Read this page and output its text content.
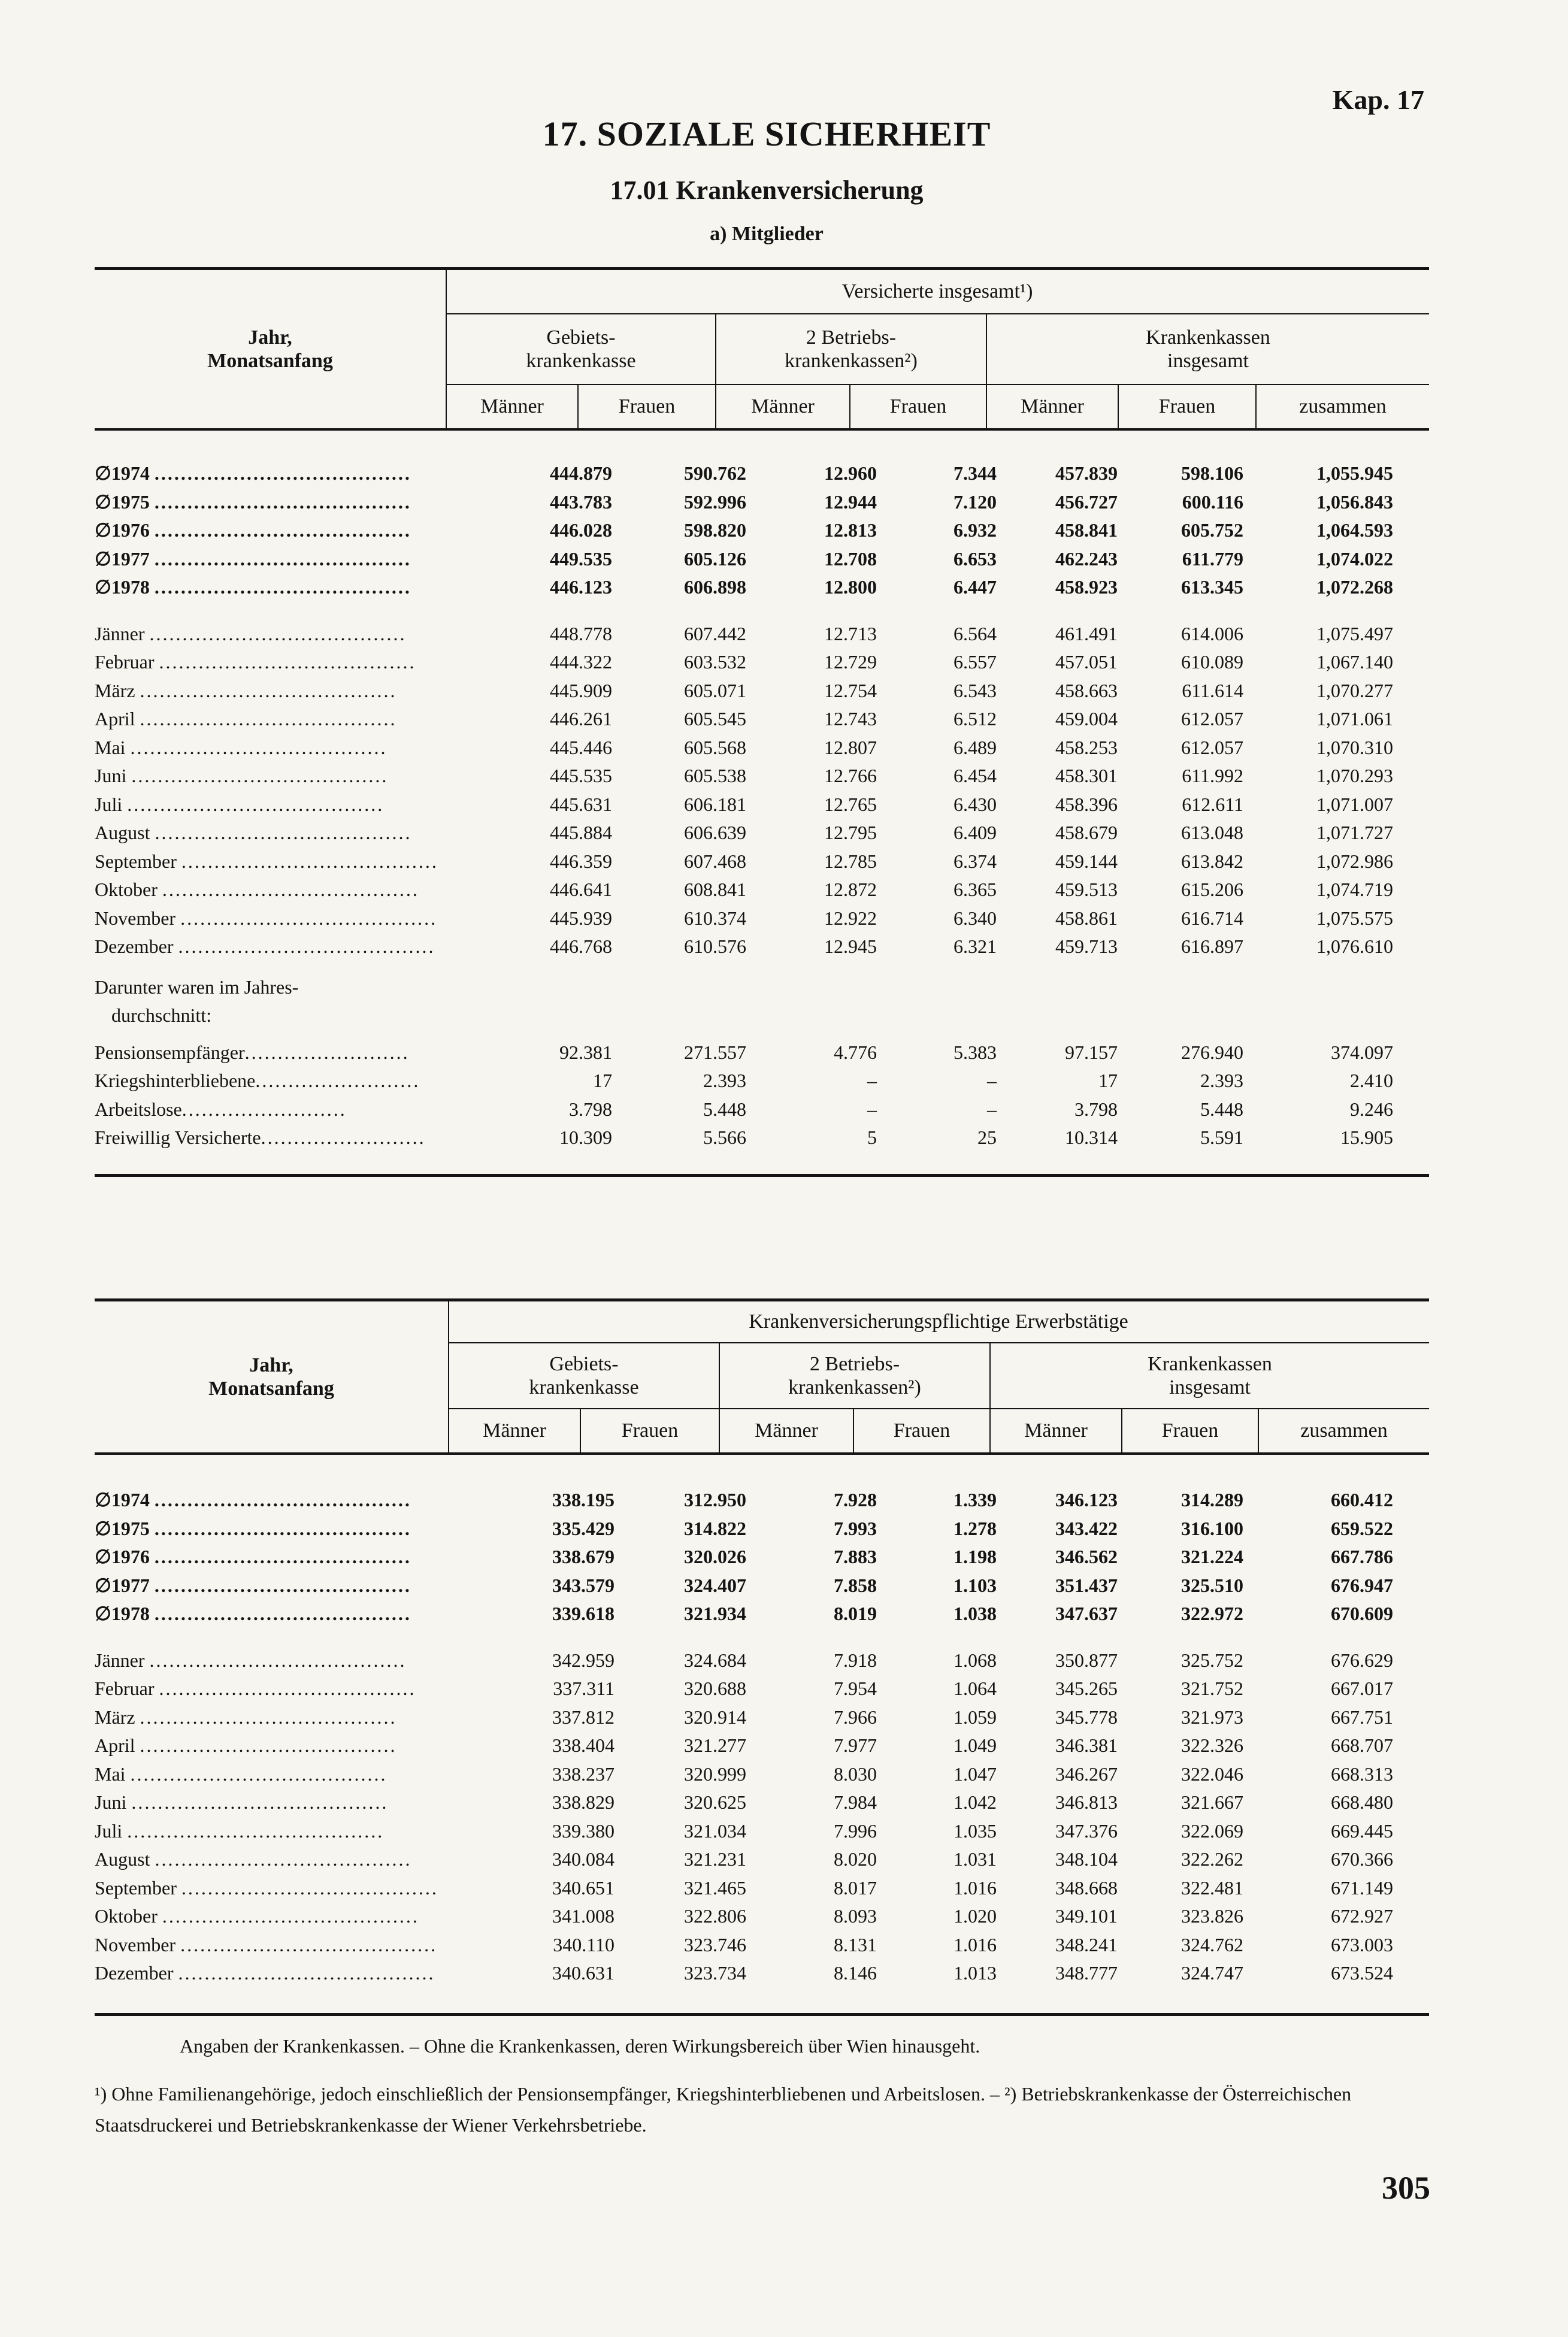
Kap. 17
17. SOZIALE SICHERHEIT
17.01 Krankenversicherung
a) Mitglieder
Jahr,
Monatsanfang
Versicherte insgesamt¹)
Gebiets-
krankenkasse
2 Betriebs-
krankenkassen²)
Krankenkassen
insgesamt
Männer	Frauen	Männer	Frauen	Männer	Frauen	zusammen
∅1974 .......................................	444.879	590.762	12.960	7.344	457.839	598.106	1,055.945
∅1975 .......................................	443.783	592.996	12.944	7.120	456.727	600.116	1,056.843
∅1976 .......................................	446.028	598.820	12.813	6.932	458.841	605.752	1,064.593
∅1977 .......................................	449.535	605.126	12.708	6.653	462.243	611.779	1,074.022
∅1978 .......................................	446.123	606.898	12.800	6.447	458.923	613.345	1,072.268
Jänner .......................................	448.778	607.442	12.713	6.564	461.491	614.006	1,075.497
Februar .......................................	444.322	603.532	12.729	6.557	457.051	610.089	1,067.140
März .......................................	445.909	605.071	12.754	6.543	458.663	611.614	1,070.277
April .......................................	446.261	605.545	12.743	6.512	459.004	612.057	1,071.061
Mai .......................................	445.446	605.568	12.807	6.489	458.253	612.057	1,070.310
Juni .......................................	445.535	605.538	12.766	6.454	458.301	611.992	1,070.293
Juli .......................................	445.631	606.181	12.765	6.430	458.396	612.611	1,071.007
August .......................................	445.884	606.639	12.795	6.409	458.679	613.048	1,071.727
September .......................................	446.359	607.468	12.785	6.374	459.144	613.842	1,072.986
Oktober .......................................	446.641	608.841	12.872	6.365	459.513	615.206	1,074.719
November .......................................	445.939	610.374	12.922	6.340	458.861	616.714	1,075.575
Dezember .......................................	446.768	610.576	12.945	6.321	459.713	616.897	1,076.610
Darunter waren im Jahres-
durchschnitt:
Pensionsempfänger.........................	92.381	271.557	4.776	5.383	97.157	276.940	374.097
Kriegshinterbliebene.........................	17	2.393	–	–	17	2.393	2.410
Arbeitslose.........................	3.798	5.448	–	–	3.798	5.448	9.246
Freiwillig Versicherte.........................	10.309	5.566	5	25	10.314	5.591	15.905
Jahr,
Monatsanfang
Krankenversicherungspflichtige Erwerbstätige
Gebiets-
krankenkasse
2 Betriebs-
krankenkassen²)
Krankenkassen
insgesamt
Männer	Frauen	Männer	Frauen	Männer	Frauen	zusammen
∅1974 .......................................	338.195	312.950	7.928	1.339	346.123	314.289	660.412
∅1975 .......................................	335.429	314.822	7.993	1.278	343.422	316.100	659.522
∅1976 .......................................	338.679	320.026	7.883	1.198	346.562	321.224	667.786
∅1977 .......................................	343.579	324.407	7.858	1.103	351.437	325.510	676.947
∅1978 .......................................	339.618	321.934	8.019	1.038	347.637	322.972	670.609
Jänner .......................................	342.959	324.684	7.918	1.068	350.877	325.752	676.629
Februar .......................................	337.311	320.688	7.954	1.064	345.265	321.752	667.017
März .......................................	337.812	320.914	7.966	1.059	345.778	321.973	667.751
April .......................................	338.404	321.277	7.977	1.049	346.381	322.326	668.707
Mai .......................................	338.237	320.999	8.030	1.047	346.267	322.046	668.313
Juni .......................................	338.829	320.625	7.984	1.042	346.813	321.667	668.480
Juli .......................................	339.380	321.034	7.996	1.035	347.376	322.069	669.445
August .......................................	340.084	321.231	8.020	1.031	348.104	322.262	670.366
September .......................................	340.651	321.465	8.017	1.016	348.668	322.481	671.149
Oktober .......................................	341.008	322.806	8.093	1.020	349.101	323.826	672.927
November .......................................	340.110	323.746	8.131	1.016	348.241	324.762	673.003
Dezember .......................................	340.631	323.734	8.146	1.013	348.777	324.747	673.524
Angaben der Krankenkassen. – Ohne die Krankenkassen, deren Wirkungsbereich über Wien hinausgeht.
¹) Ohne Familienangehörige, jedoch einschließlich der Pensionsempfänger, Kriegshinterbliebenen und Arbeitslosen. – ²) Betriebskrankenkasse der Österreichischen Staatsdruckerei und Betriebskrankenkasse der Wiener Verkehrsbetriebe.
305
